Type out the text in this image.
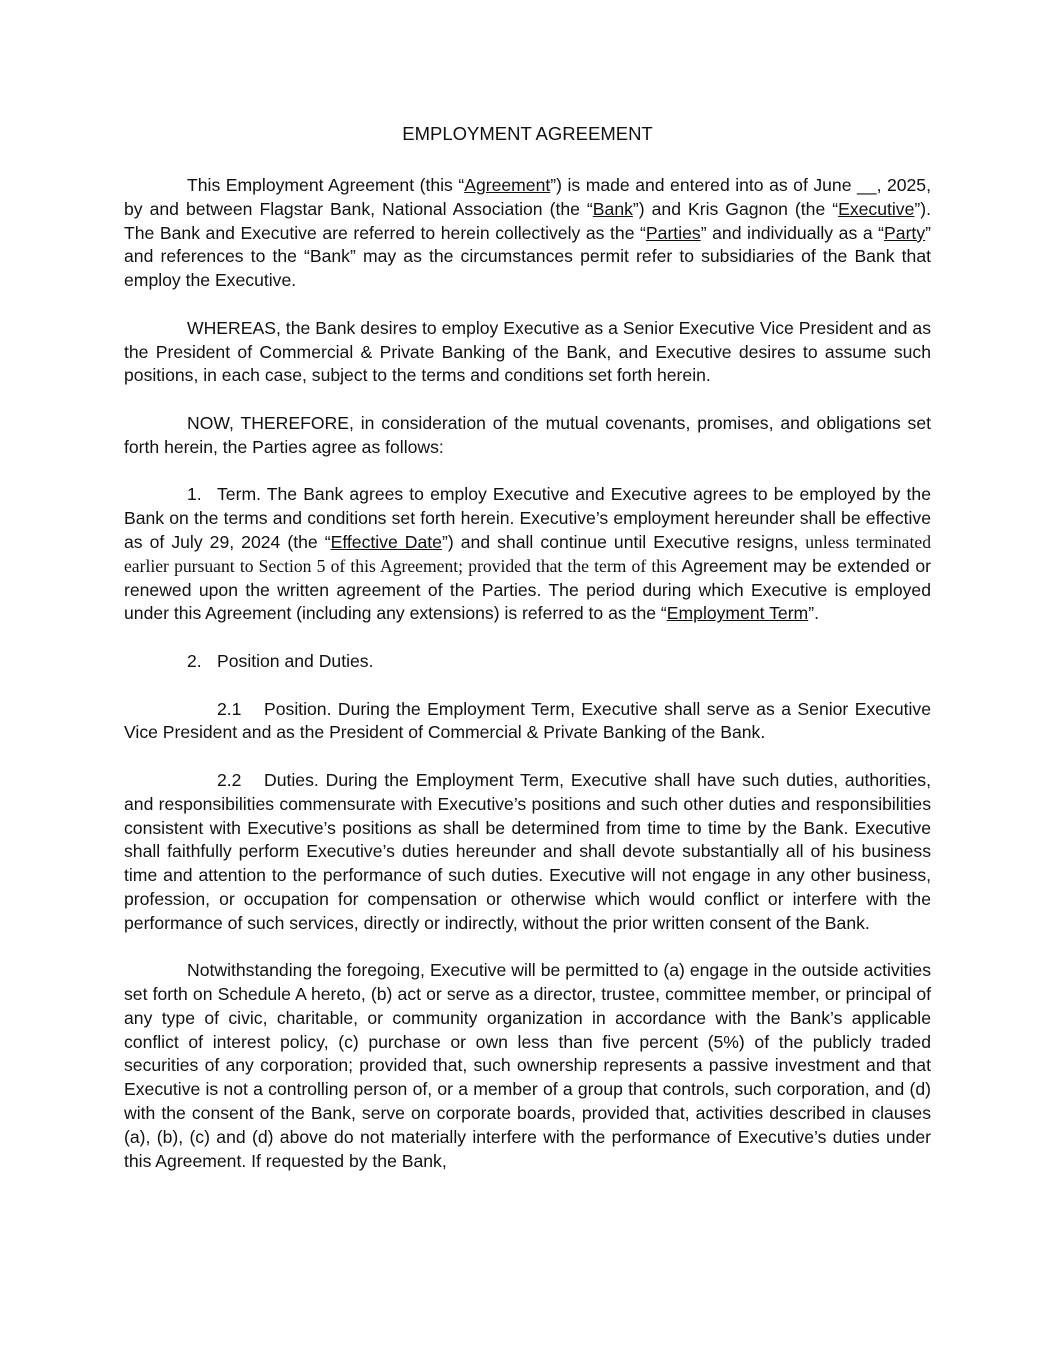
EMPLOYMENT AGREEMENT

This Employment Agreement (this “Agreement”) is made and entered into as of June __, 2025, by and between Flagstar Bank, National Association (the “Bank”) and Kris Gagnon (the “Executive”). The Bank and Executive are referred to herein collectively as the “Parties” and individually as a “Party” and references to the “Bank” may as the circumstances permit refer to subsidiaries of the Bank that employ the Executive.

WHEREAS, the Bank desires to employ Executive as a Senior Executive Vice President and as the President of Commercial & Private Banking of the Bank, and Executive desires to assume such positions, in each case, subject to the terms and conditions set forth herein.

NOW, THEREFORE, in consideration of the mutual covenants, promises, and obligations set forth herein, the Parties agree as follows:

1. Term. The Bank agrees to employ Executive and Executive agrees to be employed by the Bank on the terms and conditions set forth herein. Executive’s employment hereunder shall be effective as of July 29, 2024 (the “Effective Date”) and shall continue until Executive resigns, unless terminated earlier pursuant to Section 5 of this Agreement; provided that the term of this Agreement may be extended or renewed upon the written agreement of the Parties. The period during which Executive is employed under this Agreement (including any extensions) is referred to as the “Employment Term”.

2. Position and Duties.

2.1 Position. During the Employment Term, Executive shall serve as a Senior Executive Vice President and as the President of Commercial & Private Banking of the Bank.

2.2 Duties. During the Employment Term, Executive shall have such duties, authorities, and responsibilities commensurate with Executive’s positions and such other duties and responsibilities consistent with Executive’s positions as shall be determined from time to time by the Bank. Executive shall faithfully perform Executive’s duties hereunder and shall devote substantially all of his business time and attention to the performance of such duties. Executive will not engage in any other business, profession, or occupation for compensation or otherwise which would conflict or interfere with the performance of such services, directly or indirectly, without the prior written consent of the Bank.

Notwithstanding the foregoing, Executive will be permitted to (a) engage in the outside activities set forth on Schedule A hereto, (b) act or serve as a director, trustee, committee member, or principal of any type of civic, charitable, or community organization in accordance with the Bank’s applicable conflict of interest policy, (c) purchase or own less than five percent (5%) of the publicly traded securities of any corporation; provided that, such ownership represents a passive investment and that Executive is not a controlling person of, or a member of a group that controls, such corporation, and (d) with the consent of the Bank, serve on corporate boards, provided that, activities described in clauses (a), (b), (c) and (d) above do not materially interfere with the performance of Executive’s duties under this Agreement. If requested by the Bank,
